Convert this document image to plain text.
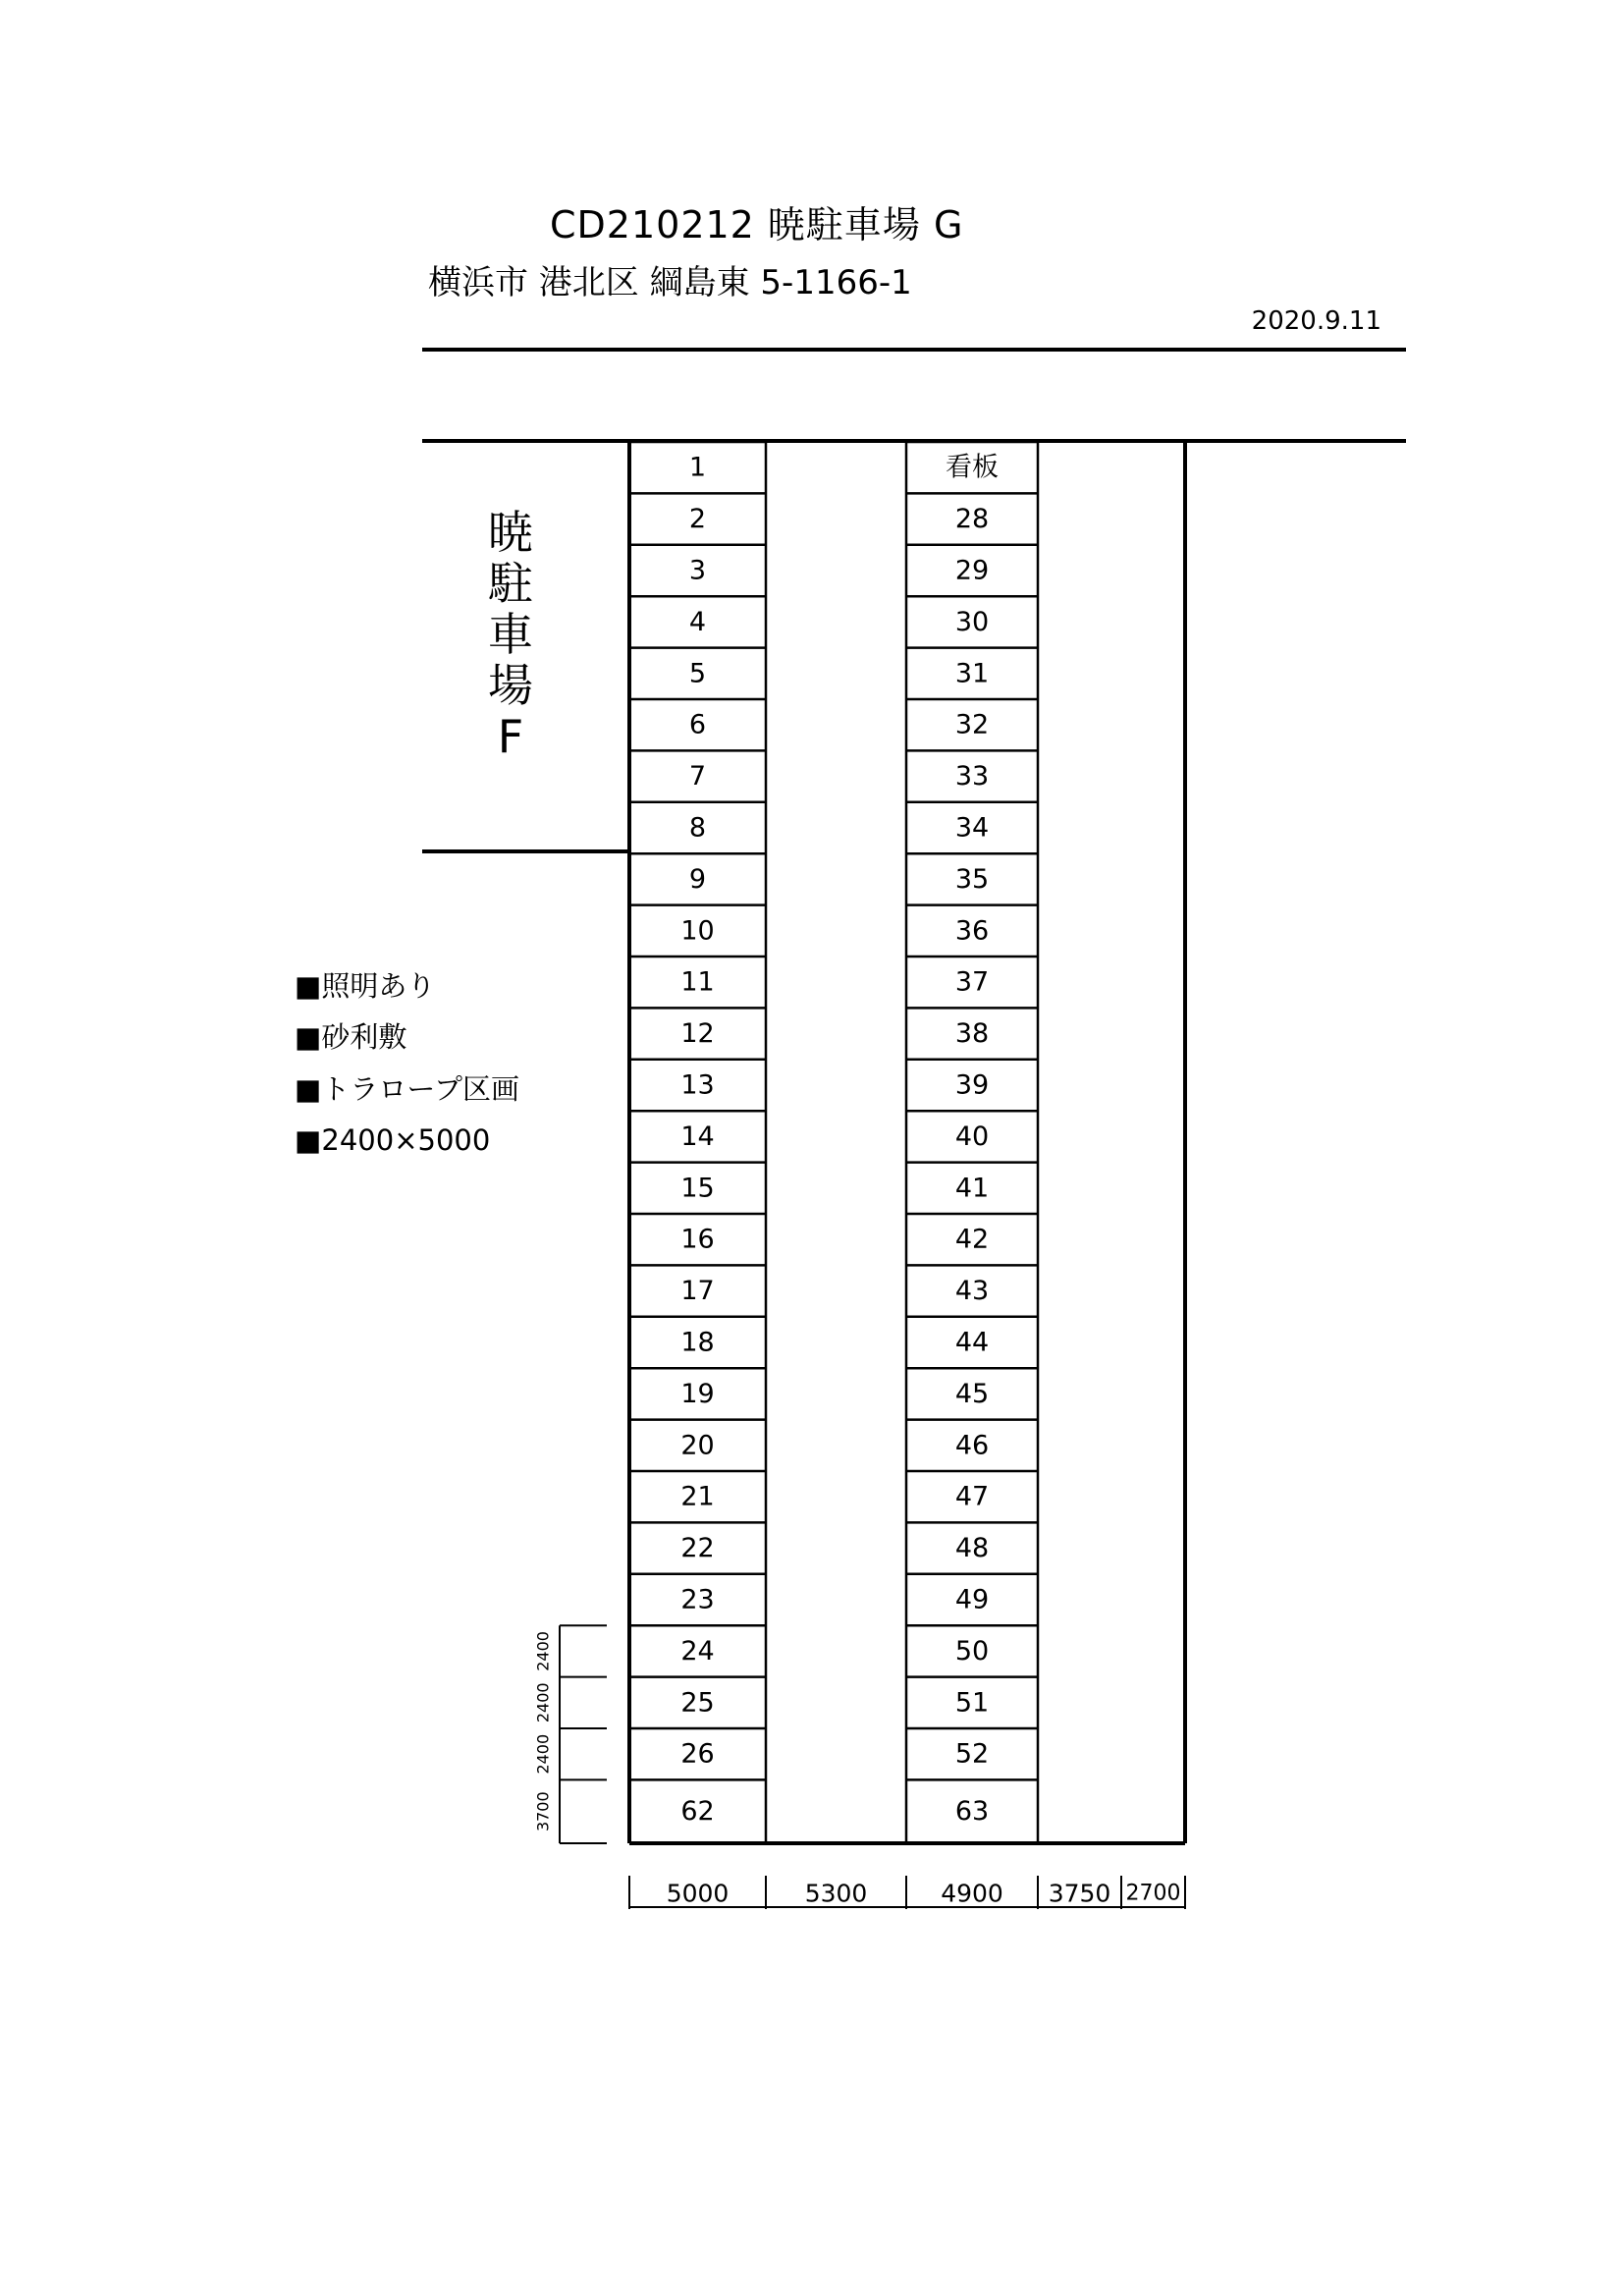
CD210212 暁駐車場 G
横浜市 港北区 綱島東 5-1166-1
2020.9.11
暁
駐
車
場
F
■照明あり
■砂利敷
■トラロープ区画
■2400×5000
1	看板
2	28
3	29
4	30
5	31
6	32
7	33
8	34
9	35
10	36
11	37
12	38
13	39
14	40
15	41
16	42
17	43
18	44
19	45
20	46
21	47
22	48
23	49
24	50
25	51
26	52
62	63
2400
2400
2400
3700
5000	5300	4900 3750 2700
